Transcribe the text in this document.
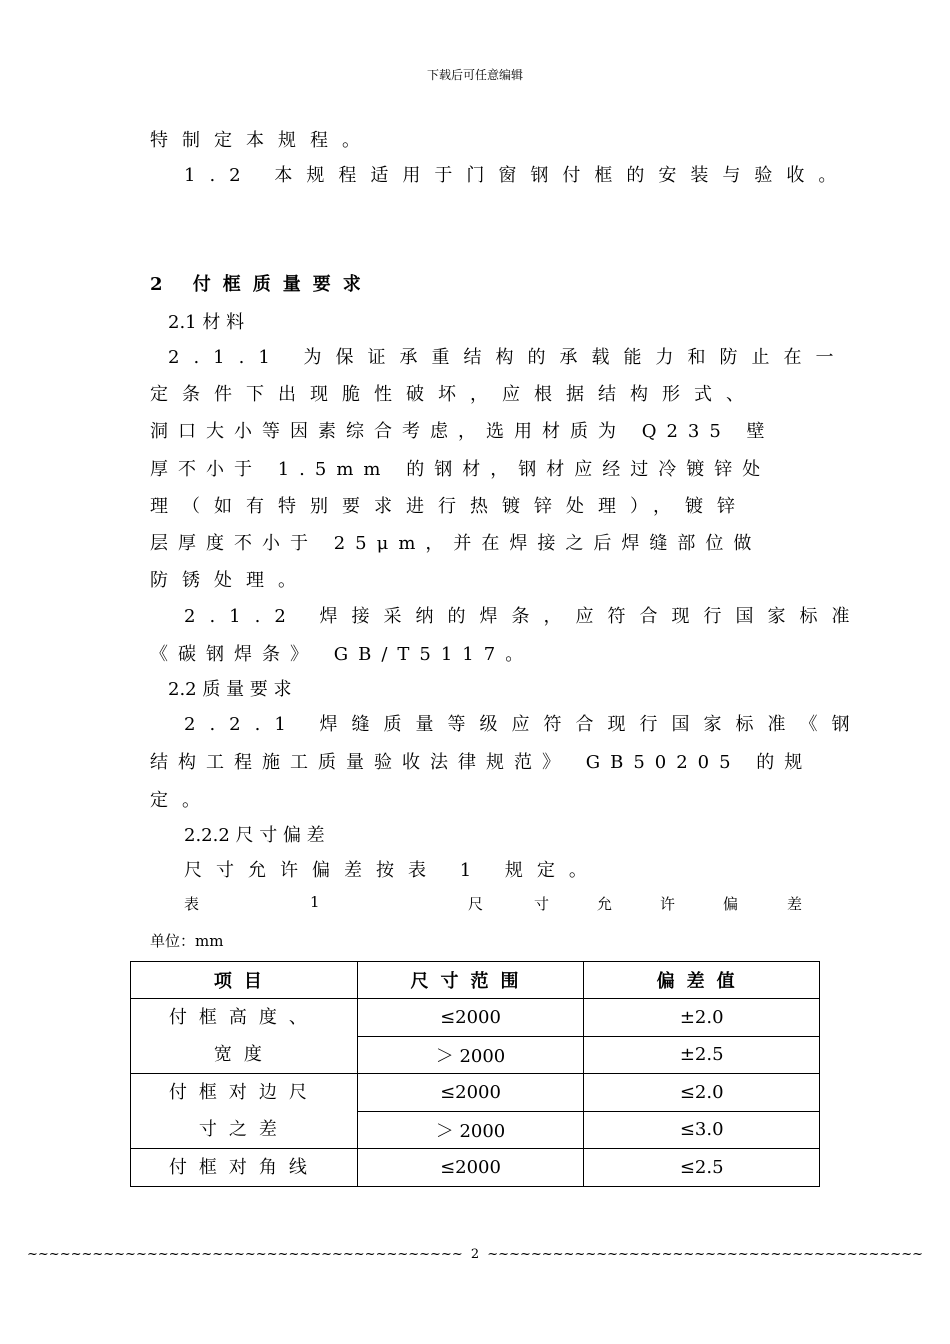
下载后可任意编辑
特制定本规程。
1.2 本规程适用于门窗钢付框的安装与验收。
2 付框质量要求
2.1 材 料
2.1.1 为保证承重结构的承载能力和防止在一
定条件下出现脆性破坏，应根据结构形式、
洞口大小等因素综合考虑，选用材质为 Q235 壁
厚不小于 1.5mm 的钢材，钢材应经过冷镀锌处
理（如有特别要求进行热镀锌处理），镀锌
层厚度不小于 25μm，并在焊接之后焊缝部位做
防锈处理。
2.1.2 焊接采纳的焊条，应符合现行国家标准
《碳钢焊条》 GB/T5117。
2.2 质 量 要 求
2.2.1 焊缝质量等级应符合现行国家标准《钢
结构工程施工质量验收法律规范》 GB50205 的规
定。
2.2.2 尺 寸 偏 差
尺寸允许偏差按表 1 规定。
表	1	尺	寸	允	许	偏	差
单位：mm
项目	尺寸范围	偏差值

付框高度、
宽度	≤2000	±2.0
	＞ 2000	±2.5

付框对边尺
寸之差	≤2000	≤2.0
	＞ 2000	≤3.0

付框对角线	≤2000	≤2.5
~~~~~~~~~~~~~~~~~~~~~~~~~~~~~~~~~~~~~~~~ 2 ~~~~~~~~~~~~~~~~~~~~~~~~~~~~~~~~~~~~~~~~
